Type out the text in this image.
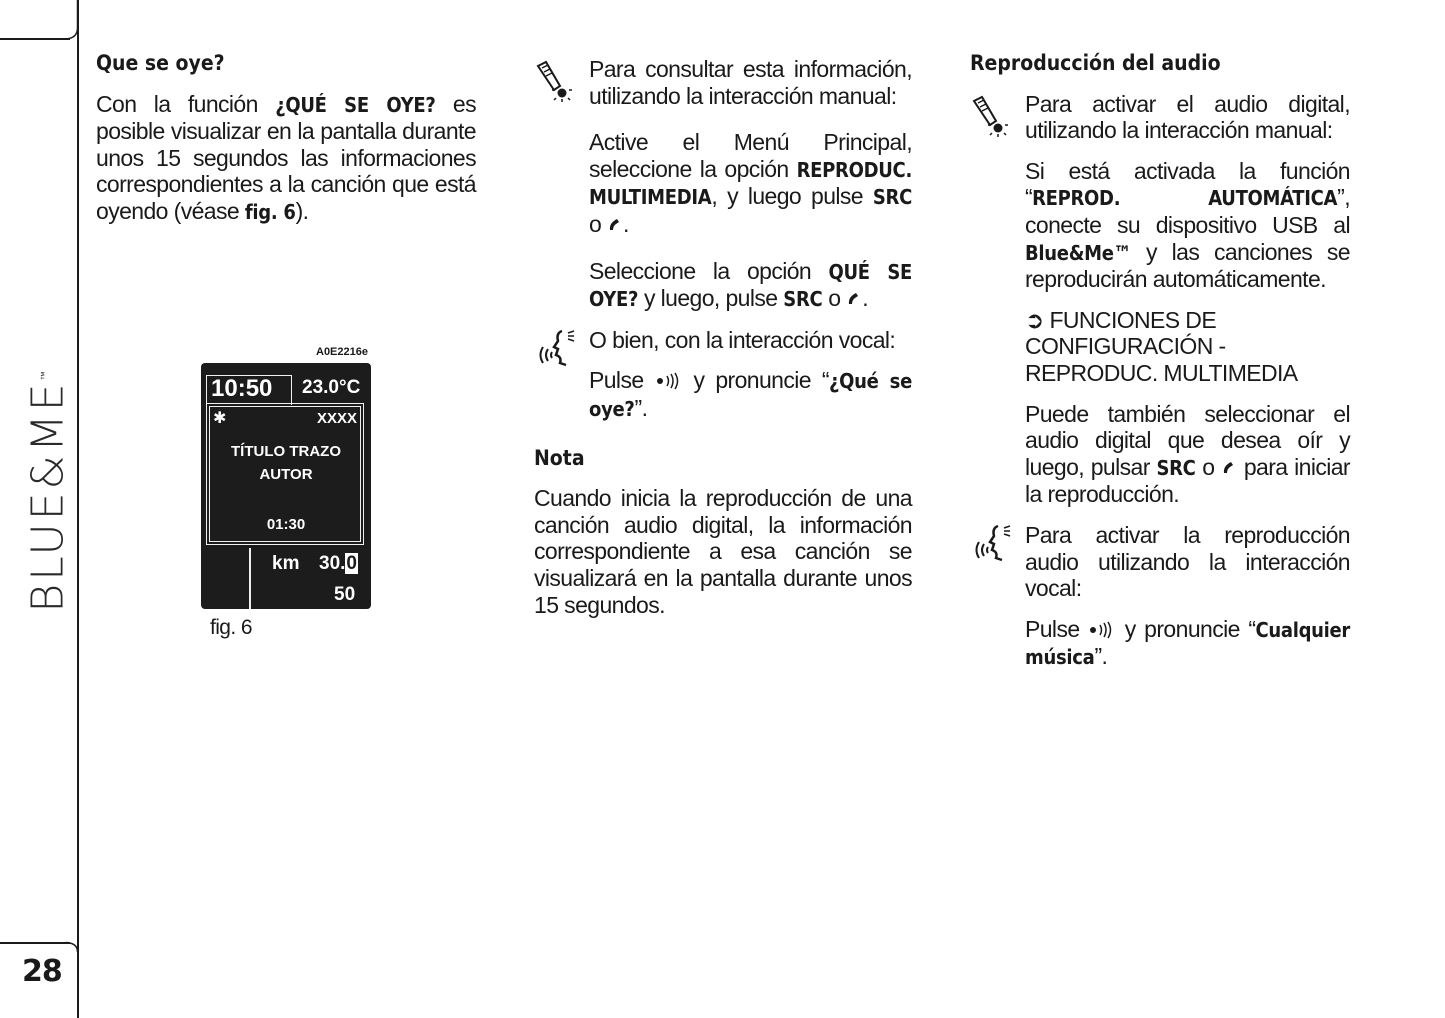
BLUE&ME™
28
Que se oye?

Con la función ¿QUÉ SE OYE? es posible visualizar en la pantalla durante unos 15 segundos las informaciones correspondientes a la canción que está oyendo (véase fig. 6).

A0E2216e
10:50 23.0°C
✱	XXXX
TÍTULO TRAZO
AUTOR
01:30
km 30.0
50
fig. 6

Para consultar esta información, utilizando la interacción manual:

Active el Menú Principal, seleccione la opción REPRODUC. MULTIMEDIA, y luego pulse SRC o .

Seleccione la opción QUÉ SE OYE? y luego, pulse SRC o .

O bien, con la interacción vocal:

Pulse  y pronuncie “¿Qué se oye?”.

Nota

Cuando inicia la reproducción de una canción audio digital, la información correspondiente a esa canción se visualizará en la pantalla durante unos 15 segundos.

Reproducción del audio

Para activar el audio digital, utilizando la interacción manual:

Si está activada la función “REPROD. AUTOMÁTICA”, conecte su dispositivo USB al Blue&Me™ y las canciones se reproducirán automáticamente.

➲ FUNCIONES DE CONFIGURACIÓN - REPRODUC. MULTIMEDIA

Puede también seleccionar el audio digital que desea oír y luego, pulsar SRC o  para iniciar la reproducción.

Para activar la reproducción audio utilizando la interacción vocal:

Pulse  y pronuncie “Cualquier música”.
